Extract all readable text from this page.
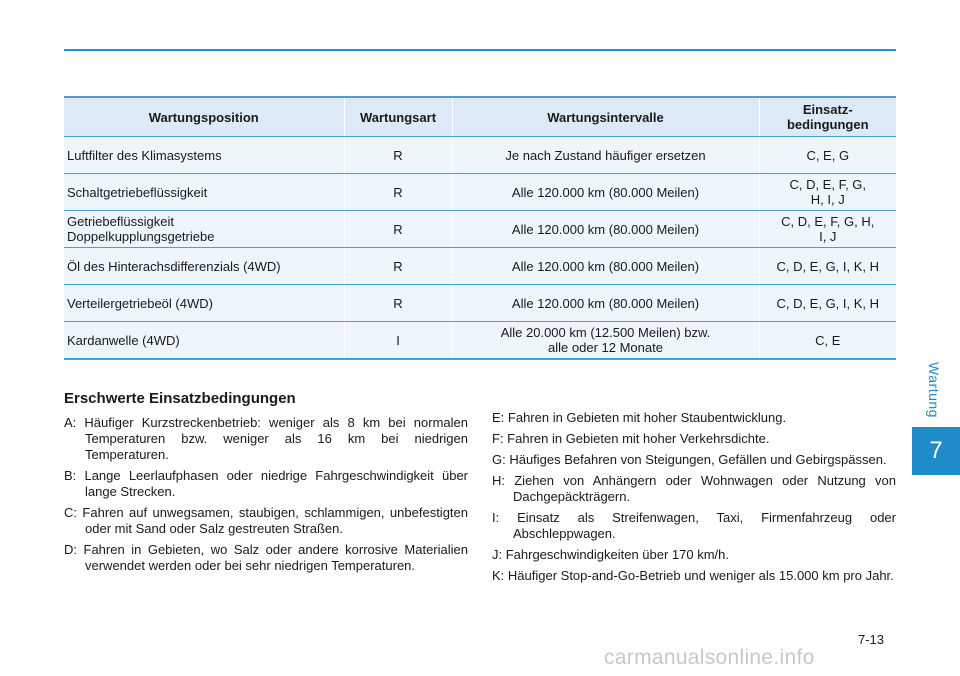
Wartung
7
Wartungsposition	Wartungsart	Wartungsintervalle	Einsatz-
bedingungen
Luftfilter des Klimasystems	R	Je nach Zustand häufiger ersetzen	C, E, G
Schaltgetriebeflüssigkeit	R	Alle 120.000 km (80.000 Meilen)	C, D, E, F, G,
H, I, J
Getriebeflüssigkeit
Doppelkupplungsgetriebe	R	Alle 120.000 km (80.000 Meilen)	C, D, E, F, G, H,
I, J
Öl des Hinterachsdifferenzials (4WD)	R	Alle 120.000 km (80.000 Meilen)	C, D, E, G, I, K, H
Verteilergetriebeöl (4WD)	R	Alle 120.000 km (80.000 Meilen)	C, D, E, G, I, K, H
Kardanwelle (4WD)	I	Alle 20.000 km (12.500 Meilen) bzw.
alle oder 12 Monate	C, E
Erschwerte Einsatzbedingungen
A: Häufiger Kurzstreckenbetrieb: weniger als 8 km bei normalen Temperaturen bzw. weniger als 16 km bei niedrigen Temperaturen.
B: Lange Leerlaufphasen oder niedrige Fahrgeschwindigkeit über lange Strecken.
C: Fahren auf unwegsamen, staubigen, schlammigen, unbefestigten oder mit Sand oder Salz gestreuten Straßen.
D: Fahren in Gebieten, wo Salz oder andere korrosive Materialien verwendet werden oder bei sehr niedrigen Temperaturen.
E: Fahren in Gebieten mit hoher Staubentwicklung.
F: Fahren in Gebieten mit hoher Verkehrsdichte.
G: Häufiges Befahren von Steigungen, Gefällen und Gebirgspässen.
H: Ziehen von Anhängern oder Wohnwagen oder Nutzung von Dachgepäckträgern.
I: Einsatz als Streifenwagen, Taxi, Firmenfahrzeug oder Abschleppwagen.
J: Fahrgeschwindigkeiten über 170 km/h.
K: Häufiger Stop-and-Go-Betrieb und weniger als 15.000 km pro Jahr.
7-13
carmanualsonline.info
